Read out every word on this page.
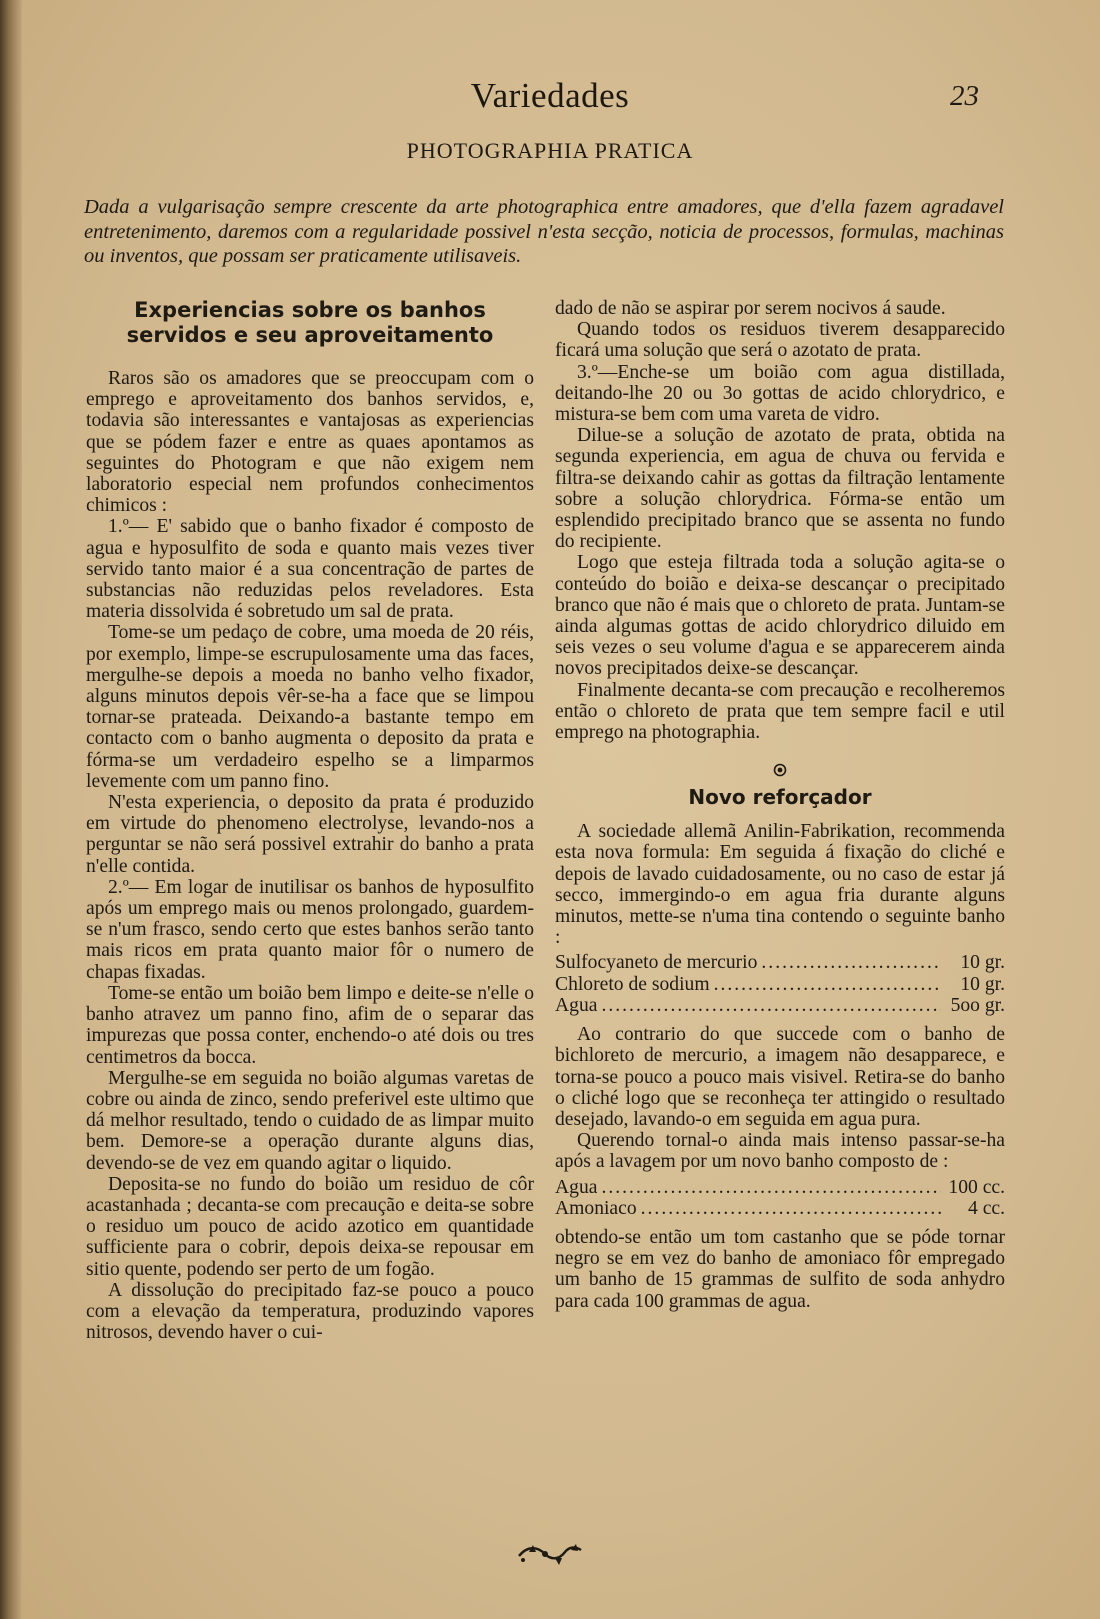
Variedades	23
PHOTOGRAPHIA PRATICA
Dada a vulgarisação sempre crescente da arte photographica entre amadores, que d'ella fazem agradavel entretenimento, daremos com a regularidade possivel n'esta secção, noticia de processos, formulas, machinas ou inventos, que possam ser praticamente utilisaveis.
Experiencias sobre os banhos servidos e seu aproveitamento

Raros são os amadores que se preoccupam com o emprego e aproveitamento dos banhos servidos, e, todavia são interessantes e vantajosas as experiencias que se pódem fazer e entre as quaes apontamos as seguintes do Photogram e que não exigem nem laboratorio especial nem profundos conhecimentos chimicos :

1.º— E' sabido que o banho fixador é composto de agua e hyposulfito de soda e quanto mais vezes tiver servido tanto maior é a sua concentração de partes de substancias não reduzidas pelos reveladores. Esta materia dissolvida é sobretudo um sal de prata.

Tome-se um pedaço de cobre, uma moeda de 20 réis, por exemplo, limpe-se escrupulosamente uma das faces, mergulhe-se depois a moeda no banho velho fixador, alguns minutos depois vêr-se-ha a face que se limpou tornar-se prateada. Deixando-a bastante tempo em contacto com o banho augmenta o deposito da prata e fórma-se um verdadeiro espelho se a limparmos levemente com um panno fino.

N'esta experiencia, o deposito da prata é produzido em virtude do phenomeno electrolyse, levando-nos a perguntar se não será possivel extrahir do banho a prata n'elle contida.

2.º— Em logar de inutilisar os banhos de hyposulfito após um emprego mais ou menos prolongado, guardem-se n'um frasco, sendo certo que estes banhos serão tanto mais ricos em prata quanto maior fôr o numero de chapas fixadas.

Tome-se então um boião bem limpo e deite-se n'elle o banho atravez um panno fino, afim de o separar das impurezas que possa conter, enchendo-o até dois ou tres centimetros da bocca.

Mergulhe-se em seguida no boião algumas varetas de cobre ou ainda de zinco, sendo preferivel este ultimo que dá melhor resultado, tendo o cuidado de as limpar muito bem. Demore-se a operação durante alguns dias, devendo-se de vez em quando agitar o liquido.

Deposita-se no fundo do boião um residuo de côr acastanhada ; decanta-se com precaução e deita-se sobre o residuo um pouco de acido azotico em quantidade sufficiente para o cobrir, depois deixa-se repousar em sitio quente, podendo ser perto de um fogão.

A dissolução do precipitado faz-se pouco a pouco com a elevação da temperatura, produzindo vapores nitrosos, devendo haver o cui-

dado de não se aspirar por serem nocivos á saude.

Quando todos os residuos tiverem desapparecido ficará uma solução que será o azotato de prata.

3.º—Enche-se um boião com agua distillada, deitando-lhe 20 ou 3o gottas de acido chlorydrico, e mistura-se bem com uma vareta de vidro.

Dilue-se a solução de azotato de prata, obtida na segunda experiencia, em agua de chuva ou fervida e filtra-se deixando cahir as gottas da filtração lentamente sobre a solução chlorydrica. Fórma-se então um esplendido precipitado branco que se assenta no fundo do recipiente.

Logo que esteja filtrada toda a solução agita-se o conteúdo do boião e deixa-se descançar o precipitado branco que não é mais que o chloreto de prata. Juntam-se ainda algumas gottas de acido chlorydrico diluido em seis vezes o seu volume d'agua e se apparecerem ainda novos precipitados deixe-se descançar.

Finalmente decanta-se com precaução e recolheremos então o chloreto de prata que tem sempre facil e util emprego na photographia.

Novo reforçador

A sociedade allemã Anilin-Fabrikation, recommenda esta nova formula: Em seguida á fixação do cliché e depois de lavado cuidadosamente, ou no caso de estar já secco, immergindo-o em agua fria durante alguns minutos, mette-se n'uma tina contendo o seguinte banho :

Sulfocyaneto de mercurio .....	10 gr.
Chloreto de sodium .....	10 gr.
Agua .....	5oo gr.

Ao contrario do que succede com o banho de bichloreto de mercurio, a imagem não desapparece, e torna-se pouco a pouco mais visivel. Retira-se do banho o cliché logo que se reconheça ter attingido o resultado desejado, lavando-o em seguida em agua pura.

Querendo tornal-o ainda mais intenso passar-se-ha após a lavagem por um novo banho composto de :

Agua .....	100 cc.
Amoniaco .....	4 cc.

obtendo-se então um tom castanho que se póde tornar negro se em vez do banho de amoniaco fôr empregado um banho de 15 grammas de sulfito de soda anhydro para cada 100 grammas de agua.
